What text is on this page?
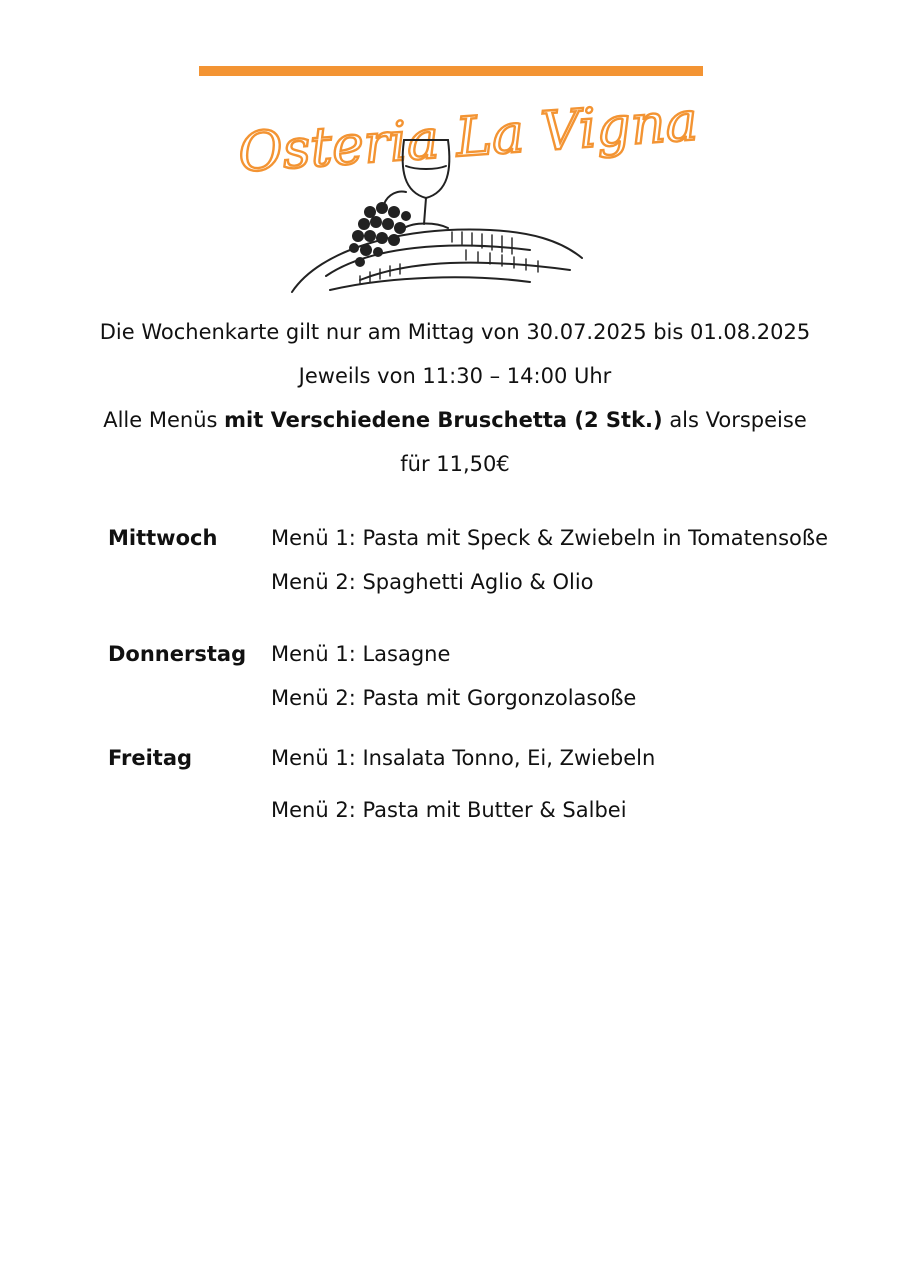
Osteria La Vigna
Die Wochenkarte gilt nur am Mittag von 30.07.2025 bis 01.08.2025
Jeweils von 11:30 – 14:00 Uhr
Alle Menüs mit Verschiedene Bruschetta (2 Stk.) als Vorspeise
für 11,50€
Mittwoch	Menü 1: Pasta mit Speck & Zwiebeln in Tomatensoße
Menü 2: Spaghetti Aglio & Olio
Donnerstag Menü 1: Lasagne
Menü 2: Pasta mit Gorgonzolasoße
Freitag	Menü 1: Insalata Tonno, Ei, Zwiebeln
Menü 2: Pasta mit Butter & Salbei
